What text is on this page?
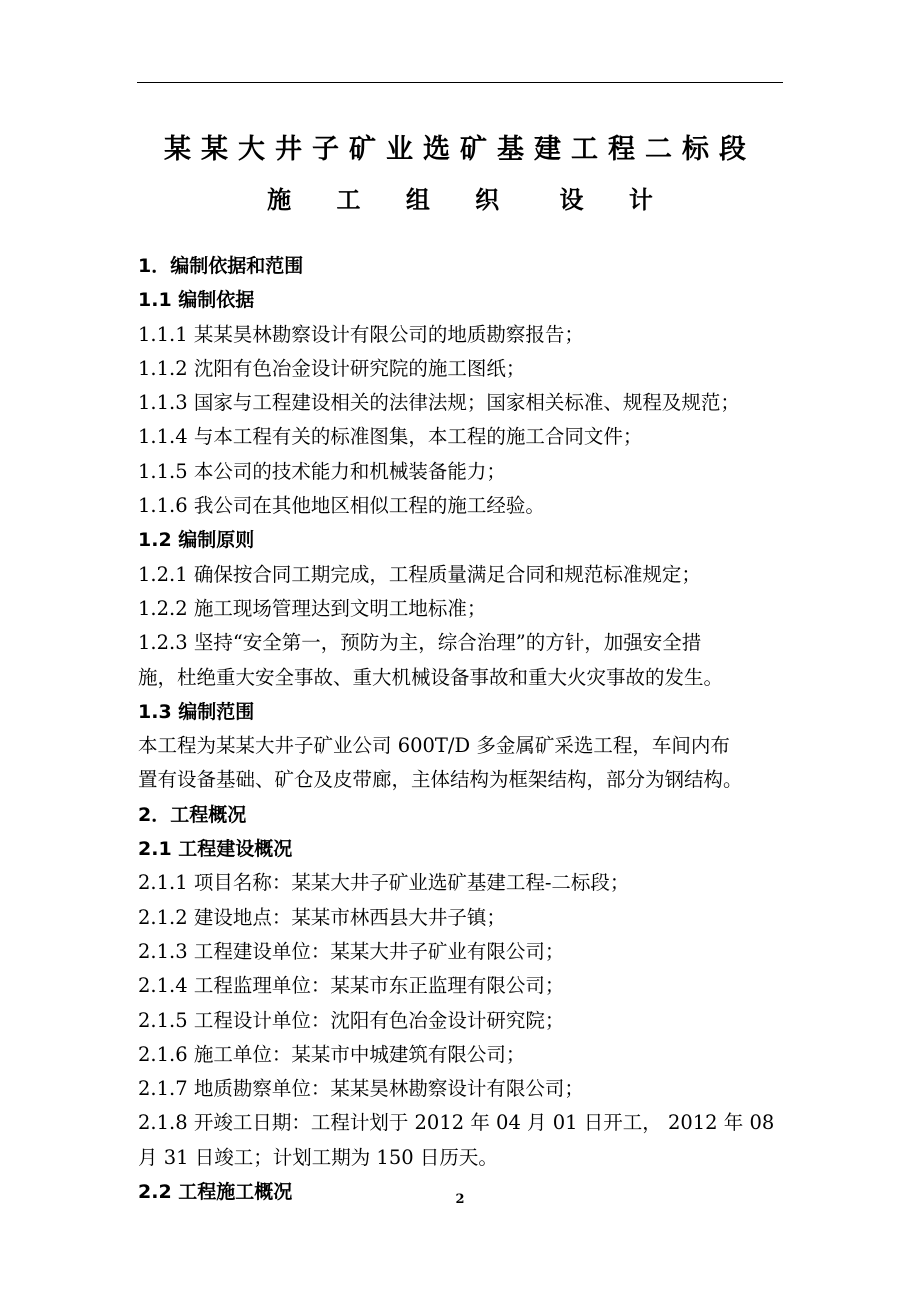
某某大井子矿业选矿基建工程二标段
施 工 组 织	设 计
1．编制依据和范围
1.1 编制依据
1.1.1 某某昊林勘察设计有限公司的地质勘察报告；
1.1.2 沈阳有色冶金设计研究院的施工图纸；
1.1.3 国家与工程建设相关的法律法规；国家相关标准、规程及规范；
1.1.4 与本工程有关的标准图集，本工程的施工合同文件；
1.1.5 本公司的技术能力和机械装备能力；
1.1.6 我公司在其他地区相似工程的施工经验。
1.2 编制原则
1.2.1 确保按合同工期完成，工程质量满足合同和规范标准规定；
1.2.2 施工现场管理达到文明工地标准；
1.2.3 坚持“安全第一，预防为主，综合治理”的方针，加强安全措
施，杜绝重大安全事故、重大机械设备事故和重大火灾事故的发生。
1.3 编制范围
本工程为某某大井子矿业公司 600T/D 多金属矿采选工程，车间内布
置有设备基础、矿仓及皮带廊，主体结构为框架结构，部分为钢结构。
2．工程概况
2.1 工程建设概况
2.1.1 项目名称：某某大井子矿业选矿基建工程-二标段；
2.1.2 建设地点：某某市林西县大井子镇；
2.1.3 工程建设单位：某某大井子矿业有限公司；
2.1.4 工程监理单位：某某市东正监理有限公司；
2.1.5 工程设计单位：沈阳有色冶金设计研究院；
2.1.6 施工单位：某某市中城建筑有限公司；
2.1.7 地质勘察单位：某某昊林勘察设计有限公司；
2.1.8 开竣工日期：工程计划于 2012 年 04 月 01 日开工， 2012 年 08
月 31 日竣工；计划工期为 150 日历天。
2.2 工程施工概况	2
